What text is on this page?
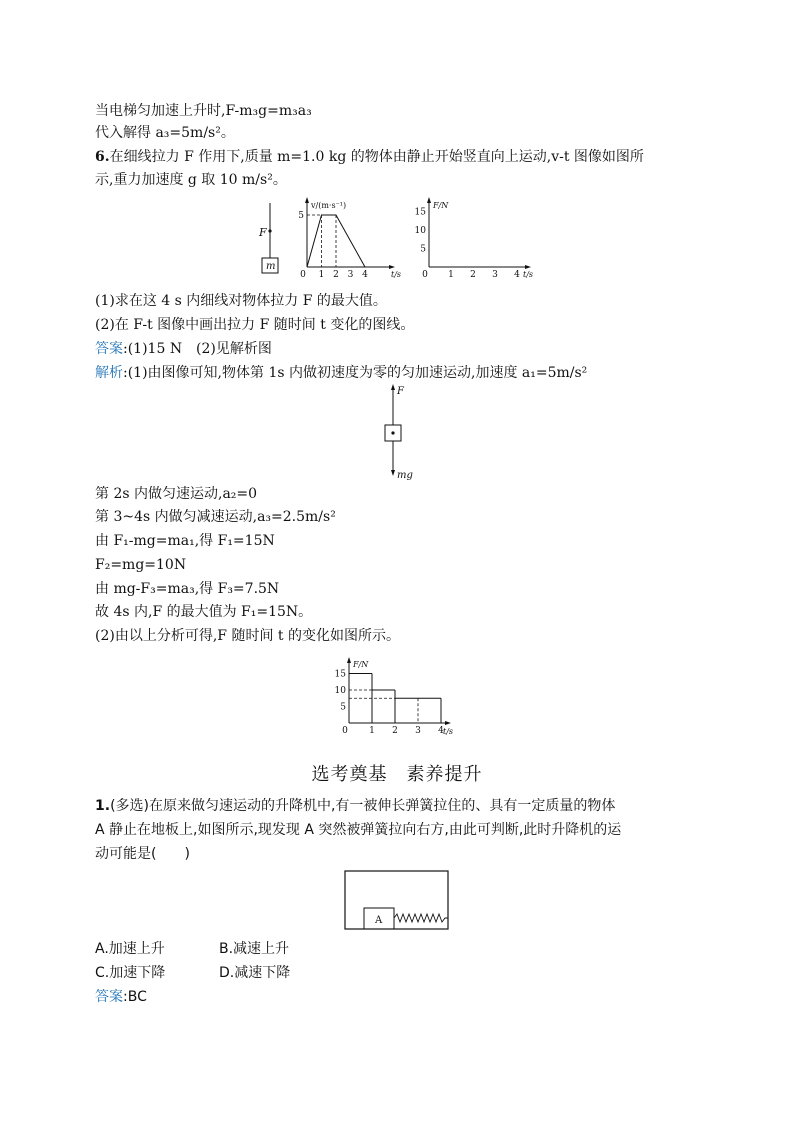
当电梯匀加速上升时,F-m₃g=m₃a₃
代入解得 a₃=5m/s²。
6.在细线拉力 F 作用下,质量 m=1.0 kg 的物体由静止开始竖直向上运动,v-t 图像如图所
示,重力加速度 g 取 10 m/s²。
F
m
v/(m·s⁻¹)
t/s
5
0 1 2 3 4
F/N
t/s
5
10
15
0 1 2 3 4
(1)求在这 4 s 内细线对物体拉力 F 的最大值。
(2)在 F-t 图像中画出拉力 F 随时间 t 变化的图线。
答案:(1)15 N　(2)见解析图
解析:(1)由图像可知,物体第 1s 内做初速度为零的匀加速运动,加速度 a₁=5m/s²
F
mg
第 2s 内做匀速运动,a₂=0
第 3~4s 内做匀减速运动,a₃=2.5m/s²
由 F₁-mg=ma₁,得 F₁=15N
F₂=mg=10N
由 mg-F₃=ma₃,得 F₃=7.5N
故 4s 内,F 的最大值为 F₁=15N。
(2)由以上分析可得,F 随时间 t 的变化如图所示。
F/N
t/s
5
10
15
0 1 2 3 4
选考奠基　素养提升
1.(多选)在原来做匀速运动的升降机中,有一被伸长弹簧拉住的、具有一定质量的物体
A 静止在地板上,如图所示,现发现 A 突然被弹簧拉向右方,由此可判断,此时升降机的运
动可能是(　　)
A
A.加速上升	B.减速上升
C.加速下降	D.减速下降
答案:BC
